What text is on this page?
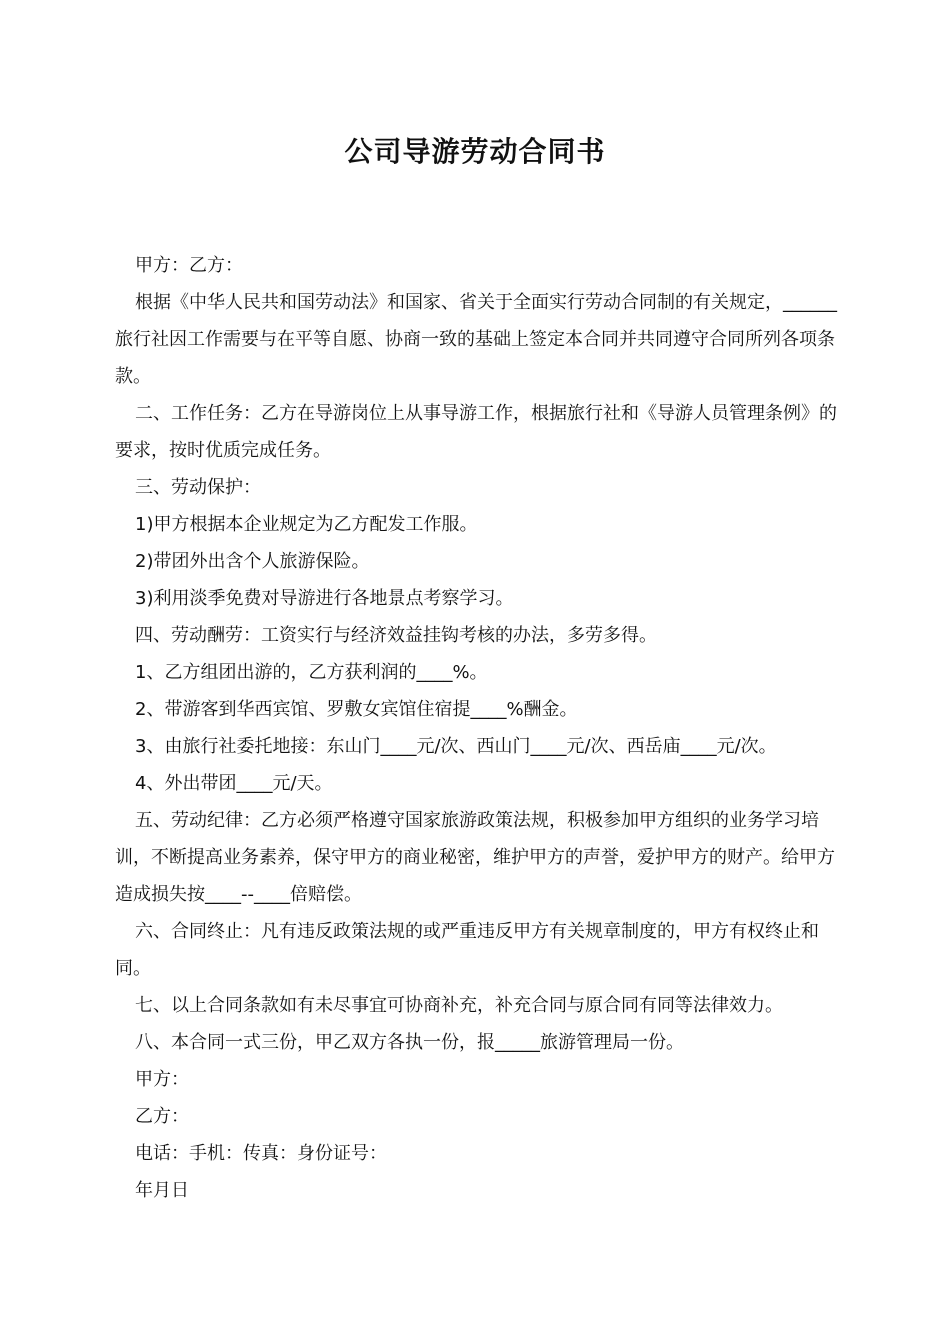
公司导游劳动合同书

甲方：乙方：

根据《中华人民共和国劳动法》和国家、省关于全面实行劳动合同制的有关规定，______旅行社因工作需要与在平等自愿、协商一致的基础上签定本合同并共同遵守合同所列各项条款。

二、工作任务：乙方在导游岗位上从事导游工作，根据旅行社和《导游人员管理条例》的要求，按时优质完成任务。

三、劳动保护：

1)甲方根据本企业规定为乙方配发工作服。

2)带团外出含个人旅游保险。

3)利用淡季免费对导游进行各地景点考察学习。

四、劳动酬劳：工资实行与经济效益挂钩考核的办法，多劳多得。

1、乙方组团出游的，乙方获利润的____%。

2、带游客到华西宾馆、罗敷女宾馆住宿提____%酬金。

3、由旅行社委托地接：东山门____元/次、西山门____元/次、西岳庙____元/次。

4、外出带团____元/天。

五、劳动纪律：乙方必须严格遵守国家旅游政策法规，积极参加甲方组织的业务学习培训，不断提高业务素养，保守甲方的商业秘密，维护甲方的声誉，爱护甲方的财产。给甲方造成损失按____--____倍赔偿。

六、合同终止：凡有违反政策法规的或严重违反甲方有关规章制度的，甲方有权终止和同。

七、以上合同条款如有未尽事宜可协商补充，补充合同与原合同有同等法律效力。

八、本合同一式三份，甲乙双方各执一份，报_____旅游管理局一份。

甲方：

乙方：

电话：手机：传真：身份证号：

年月日
